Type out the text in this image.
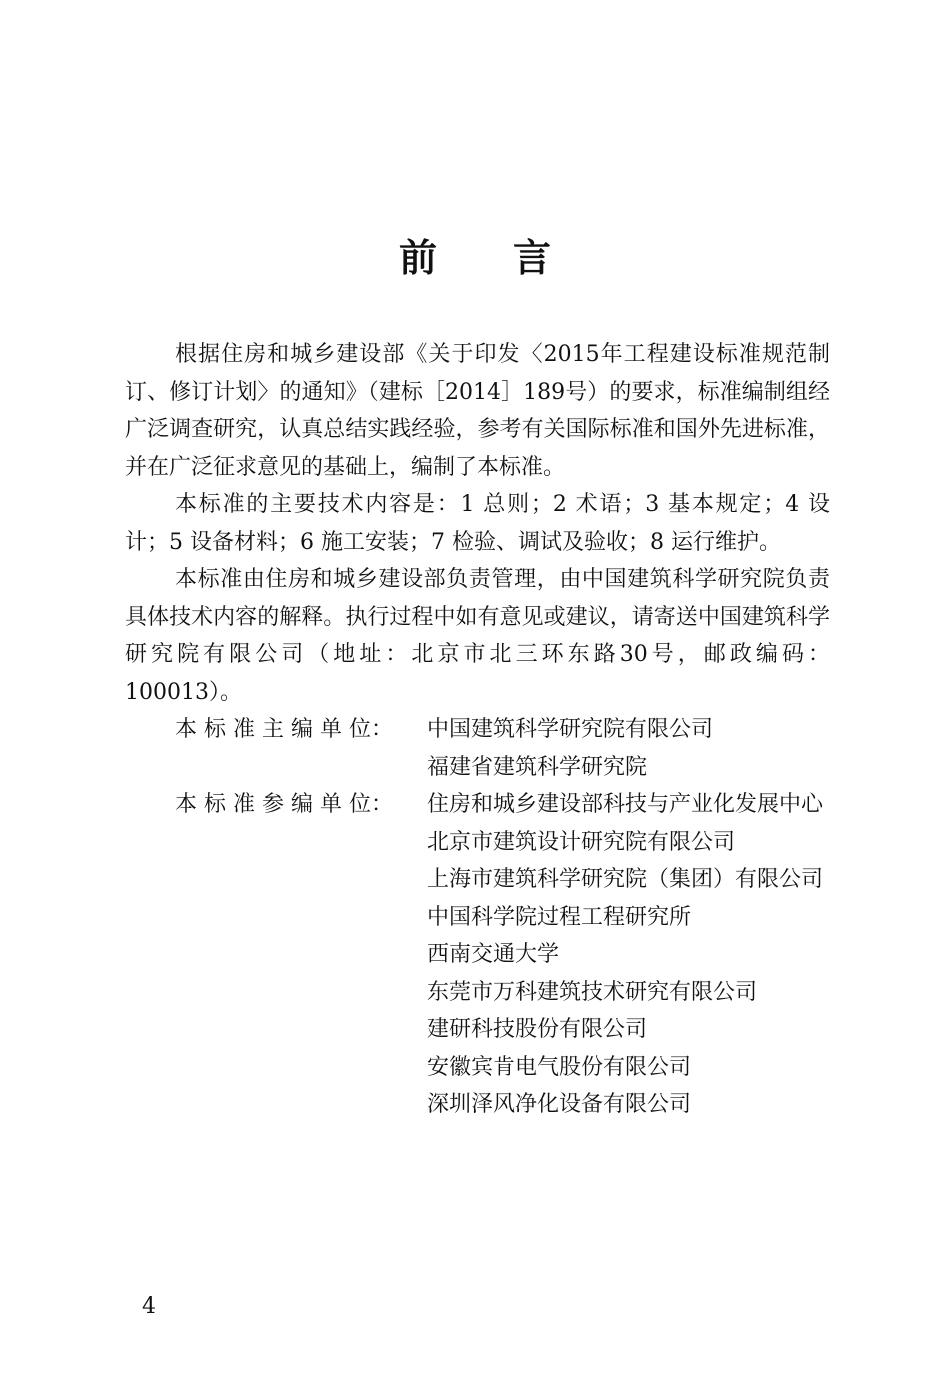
前言

根据住房和城乡建设部《关于印发〈2015年工程建设标准规范制订、修订计划〉的通知》（建标［2014］189号）的要求，标准编制组经广泛调查研究，认真总结实践经验，参考有关国际标准和国外先进标准，并在广泛征求意见的基础上，编制了本标准。

本标准的主要技术内容是：1 总则；2 术语；3 基本规定；4 设计；5 设备材料；6 施工安装；7 检验、调试及验收；8 运行维护。

本标准由住房和城乡建设部负责管理，由中国建筑科学研究院负责具体技术内容的解释。执行过程中如有意见或建议，请寄送中国建筑科学研究院有限公司（地址：北京市北三环东路30号，邮政编码：100013）。

本 标 准 主 编 单 位：	中国建筑科学研究院有限公司
福建省建筑科学研究院
本 标 准 参 编 单 位：	住房和城乡建设部科技与产业化发展中心
北京市建筑设计研究院有限公司
上海市建筑科学研究院（集团）有限公司
中国科学院过程工程研究所
西南交通大学
东莞市万科建筑技术研究有限公司
建研科技股份有限公司
安徽宾肯电气股份有限公司
深圳泽风净化设备有限公司
4
